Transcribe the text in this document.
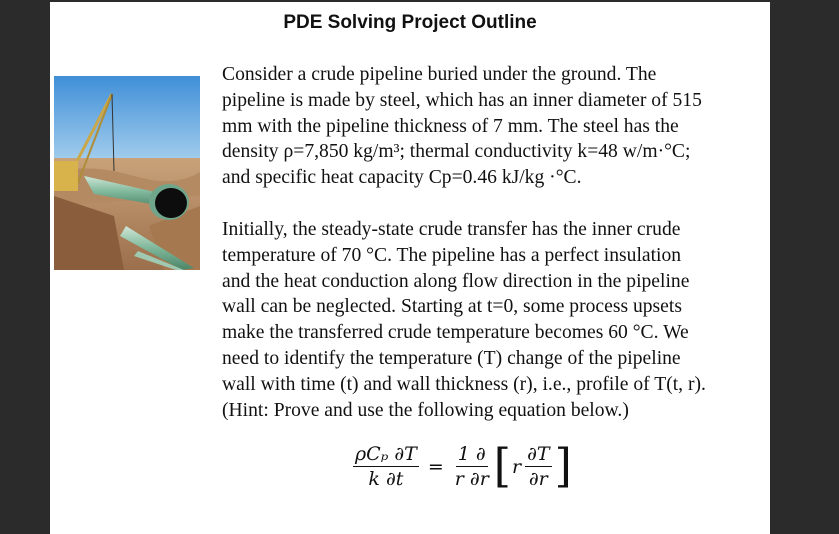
PDE Solving Project Outline

Consider a crude pipeline buried under the ground. The
pipeline is made by steel, which has an inner diameter of 515
mm with the pipeline thickness of 7 mm. The steel has the
density ρ=7,850 kg/m³; thermal conductivity k=48 w/m·°C;
and specific heat capacity Cp=0.46 kJ/kg ·°C.

Initially, the steady-state crude transfer has the inner crude
temperature of 70 °C. The pipeline has a perfect insulation
and the heat conduction along flow direction in the pipeline
wall can be neglected. Starting at t=0, some process upsets
make the transferred crude temperature becomes 60 °C. We
need to identify the temperature (T) change of the pipeline
wall with time (t) and wall thickness (r), i.e., profile of T(t, r).
(Hint: Prove and use the following equation below.)

$\frac{\text{ρCₚ ∂T}}{k \partial t} = \frac{1 \partial}{r \partial r}$ [ r $\frac{\partial T}{\partial r}$ ]
